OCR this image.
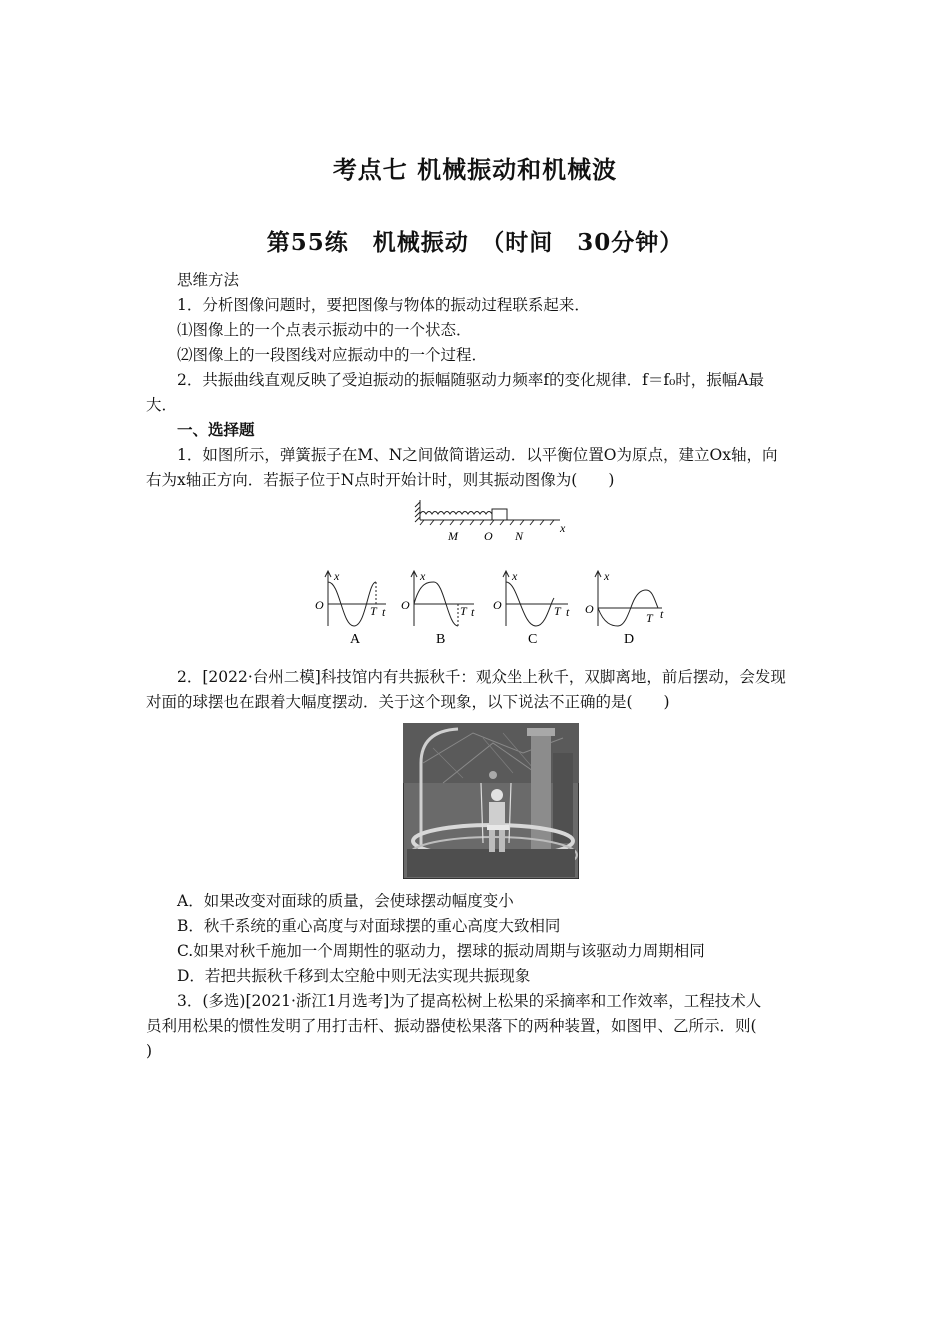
考点七 机械振动和机械波
第55练　机械振动　（时间　30分钟）
思维方法
1．分析图像问题时，要把图像与物体的振动过程联系起来．
⑴图像上的一个点表示振动中的一个状态．
⑵图像上的一段图线对应振动中的一个过程．
2．共振曲线直观反映了受迫振动的振幅随驱动力频率f的变化规律．f＝f₀时，振幅A最
大．
一、选择题
1．如图所示，弹簧振子在M、N之间做简谐运动．以平衡位置O为原点，建立Ox轴，向
右为x轴正方向．若振子位于N点时开始计时，则其振动图像为(　　)
x
M O N
x
O	T t
A
x
O	T t
B
x
O	T t
C
x
O
T t
D
2．[2022·台州二模]科技馆内有共振秋千：观众坐上秋千，双脚离地，前后摆动，会发现
对面的球摆也在跟着大幅度摆动．关于这个现象，以下说法不正确的是(　　)
A．如果改变对面球的质量，会使球摆动幅度变小
B．秋千系统的重心高度与对面球摆的重心高度大致相同
C.如果对秋千施加一个周期性的驱动力，摆球的振动周期与该驱动力周期相同
D．若把共振秋千移到太空舱中则无法实现共振现象
3．(多选)[2021·浙江1月选考]为了提高松树上松果的采摘率和工作效率，工程技术人
员利用松果的惯性发明了用打击杆、振动器使松果落下的两种装置，如图甲、乙所示．则(
)
